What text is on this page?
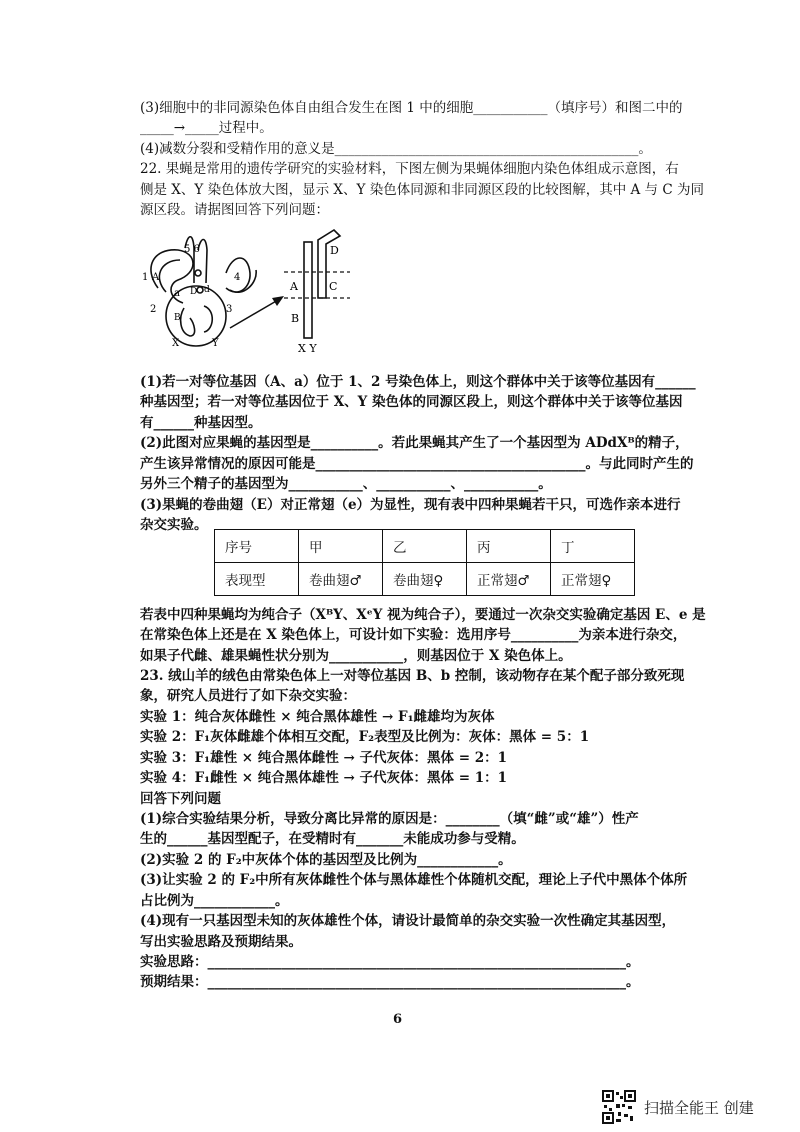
(3)细胞中的非同源染色体自由组合发生在图 1 中的细胞___________（填序号）和图二中的
_____→_____过程中。
(4)减数分裂和受精作用的意义是_____________________________________________。
22. 果蝇是常用的遗传学研究的实验材料，下图左侧为果蝇体细胞内染色体组成示意图，右
侧是 X、Y 染色体放大图，显示 X、Y 染色体同源和非同源区段的比较图解，其中 A 与 C 为同
源区段。请据图回答下列问题：
(1)若一对等位基因（A、a）位于 1、2 号染色体上，则这个群体中关于该等位基因有______
种基因型；若一对等位基因位于 X、Y 染色体的同源区段上，则这个群体中关于该等位基因
有______种基因型。
(2)此图对应果蝇的基因型是__________。若此果蝇其产生了一个基因型为 ADdXᴮ的精子，
产生该异常情况的原因可能是________________________________________。与此同时产生的
另外三个精子的基因型为___________、___________、___________。
(3)果蝇的卷曲翅（E）对正常翅（e）为显性，现有表中四种果蝇若干只，可选作亲本进行
杂交实验。
若表中四种果蝇均为纯合子（XᴮY、XᵉY 视为纯合子），要通过一次杂交实验确定基因 E、e 是
在常染色体上还是在 X 染色体上，可设计如下实验：选用序号__________为亲本进行杂交，
如果子代雌、雄果蝇性状分别为___________，则基因位于 X 染色体上。
23. 绒山羊的绒色由常染色体上一对等位基因 B、b 控制，该动物存在某个配子部分致死现
象，研究人员进行了如下杂交实验：
实验 1：纯合灰体雌性 × 纯合黑体雄性 → F₁雌雄均为灰体
实验 2：F₁灰体雌雄个体相互交配，F₂表型及比例为：灰体：黑体 = 5：1
实验 3：F₁雄性 × 纯合黑体雌性 → 子代灰体：黑体 = 2：1
实验 4：F₁雌性 × 纯合黑体雄性 → 子代灰体：黑体 = 1：1
回答下列问题
(1)综合实验结果分析，导致分离比异常的原因是：________（填“雌”或“雄”）性产
生的______基因型配子，在受精时有_______未能成功参与受精。
(2)实验 2 的 F₂中灰体个体的基因型及比例为____________。
(3)让实验 2 的 F₂中所有灰体雌性个体与黑体雄性个体随机交配，理论上子代中黑体个体所
占比例为____________。
(4)现有一只基因型未知的灰体雄性个体，请设计最简单的杂交实验一次性确定其基因型，
写出实验思路及预期结果。
实验思路：______________________________________________________________。
预期结果：______________________________________________________________。
5 6
1 A
2
4
3
a D d
B
X	Y
D
A	C
B
X Y
序号	甲	乙	丙	丁
表现型	卷曲翅♂	卷曲翅♀	正常翅♂	正常翅♀
6
扫描全能王 创建
